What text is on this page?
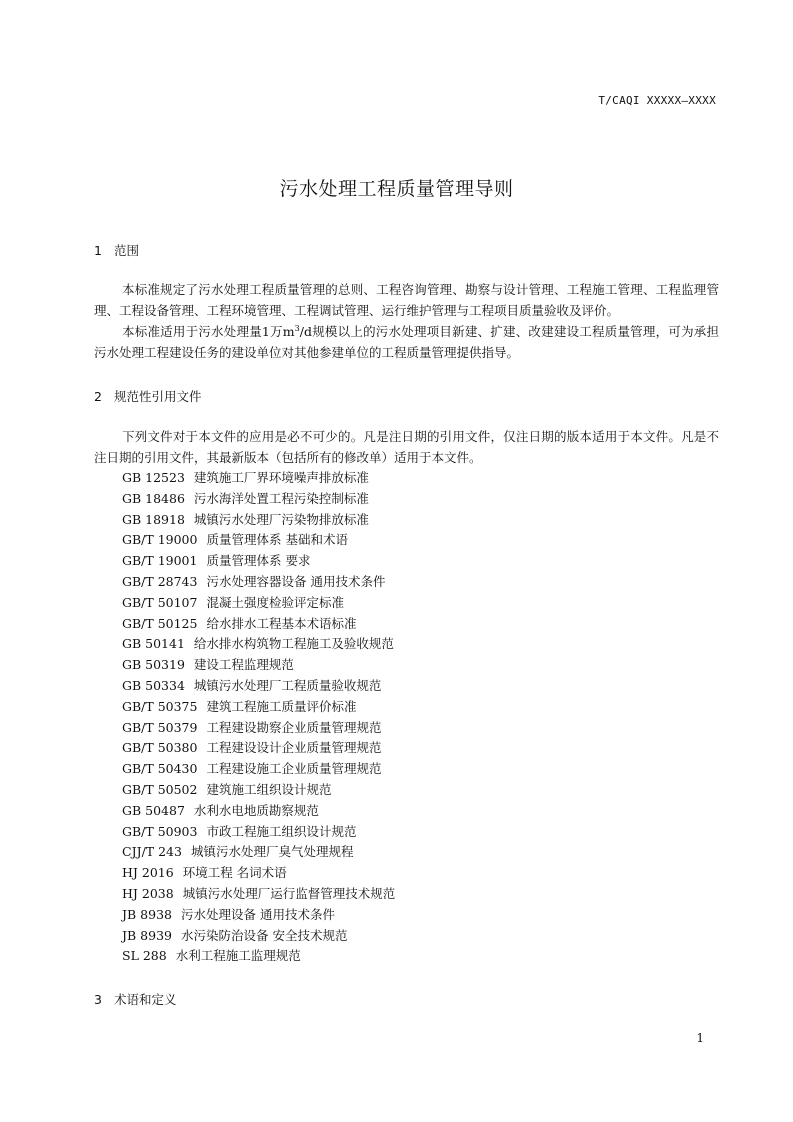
T/CAQI XXXXX—XXXX
污水处理工程质量管理导则
1 范围
本标准规定了污水处理工程质量管理的总则、工程咨询管理、勘察与设计管理、工程施工管理、工程监理管理、工程设备管理、工程环境管理、工程调试管理、运行维护管理与工程项目质量验收及评价。
本标准适用于污水处理量1万$m^3/d$规模以上的污水处理项目新建、扩建、改建建设工程质量管理，可为承担污水处理工程建设任务的建设单位对其他参建单位的工程质量管理提供指导。
2 规范性引用文件
下列文件对于本文件的应用是必不可少的。凡是注日期的引用文件，仅注日期的版本适用于本文件。凡是不注日期的引用文件，其最新版本（包括所有的修改单）适用于本文件。
GB 12523 建筑施工厂界环境噪声排放标准
GB 18486 污水海洋处置工程污染控制标准
GB 18918 城镇污水处理厂污染物排放标准
GB/T 19000 质量管理体系 基础和术语
GB/T 19001 质量管理体系 要求
GB/T 28743 污水处理容器设备 通用技术条件
GB/T 50107 混凝土强度检验评定标准
GB/T 50125 给水排水工程基本术语标准
GB 50141 给水排水构筑物工程施工及验收规范
GB 50319 建设工程监理规范
GB 50334 城镇污水处理厂工程质量验收规范
GB/T 50375 建筑工程施工质量评价标准
GB/T 50379 工程建设勘察企业质量管理规范
GB/T 50380 工程建设设计企业质量管理规范
GB/T 50430 工程建设施工企业质量管理规范
GB/T 50502 建筑施工组织设计规范
GB 50487 水利水电地质勘察规范
GB/T 50903 市政工程施工组织设计规范
CJJ/T 243 城镇污水处理厂臭气处理规程
HJ 2016 环境工程 名词术语
HJ 2038 城镇污水处理厂运行监督管理技术规范
JB 8938 污水处理设备 通用技术条件
JB 8939 水污染防治设备 安全技术规范
SL 288 水利工程施工监理规范
3 术语和定义
1
